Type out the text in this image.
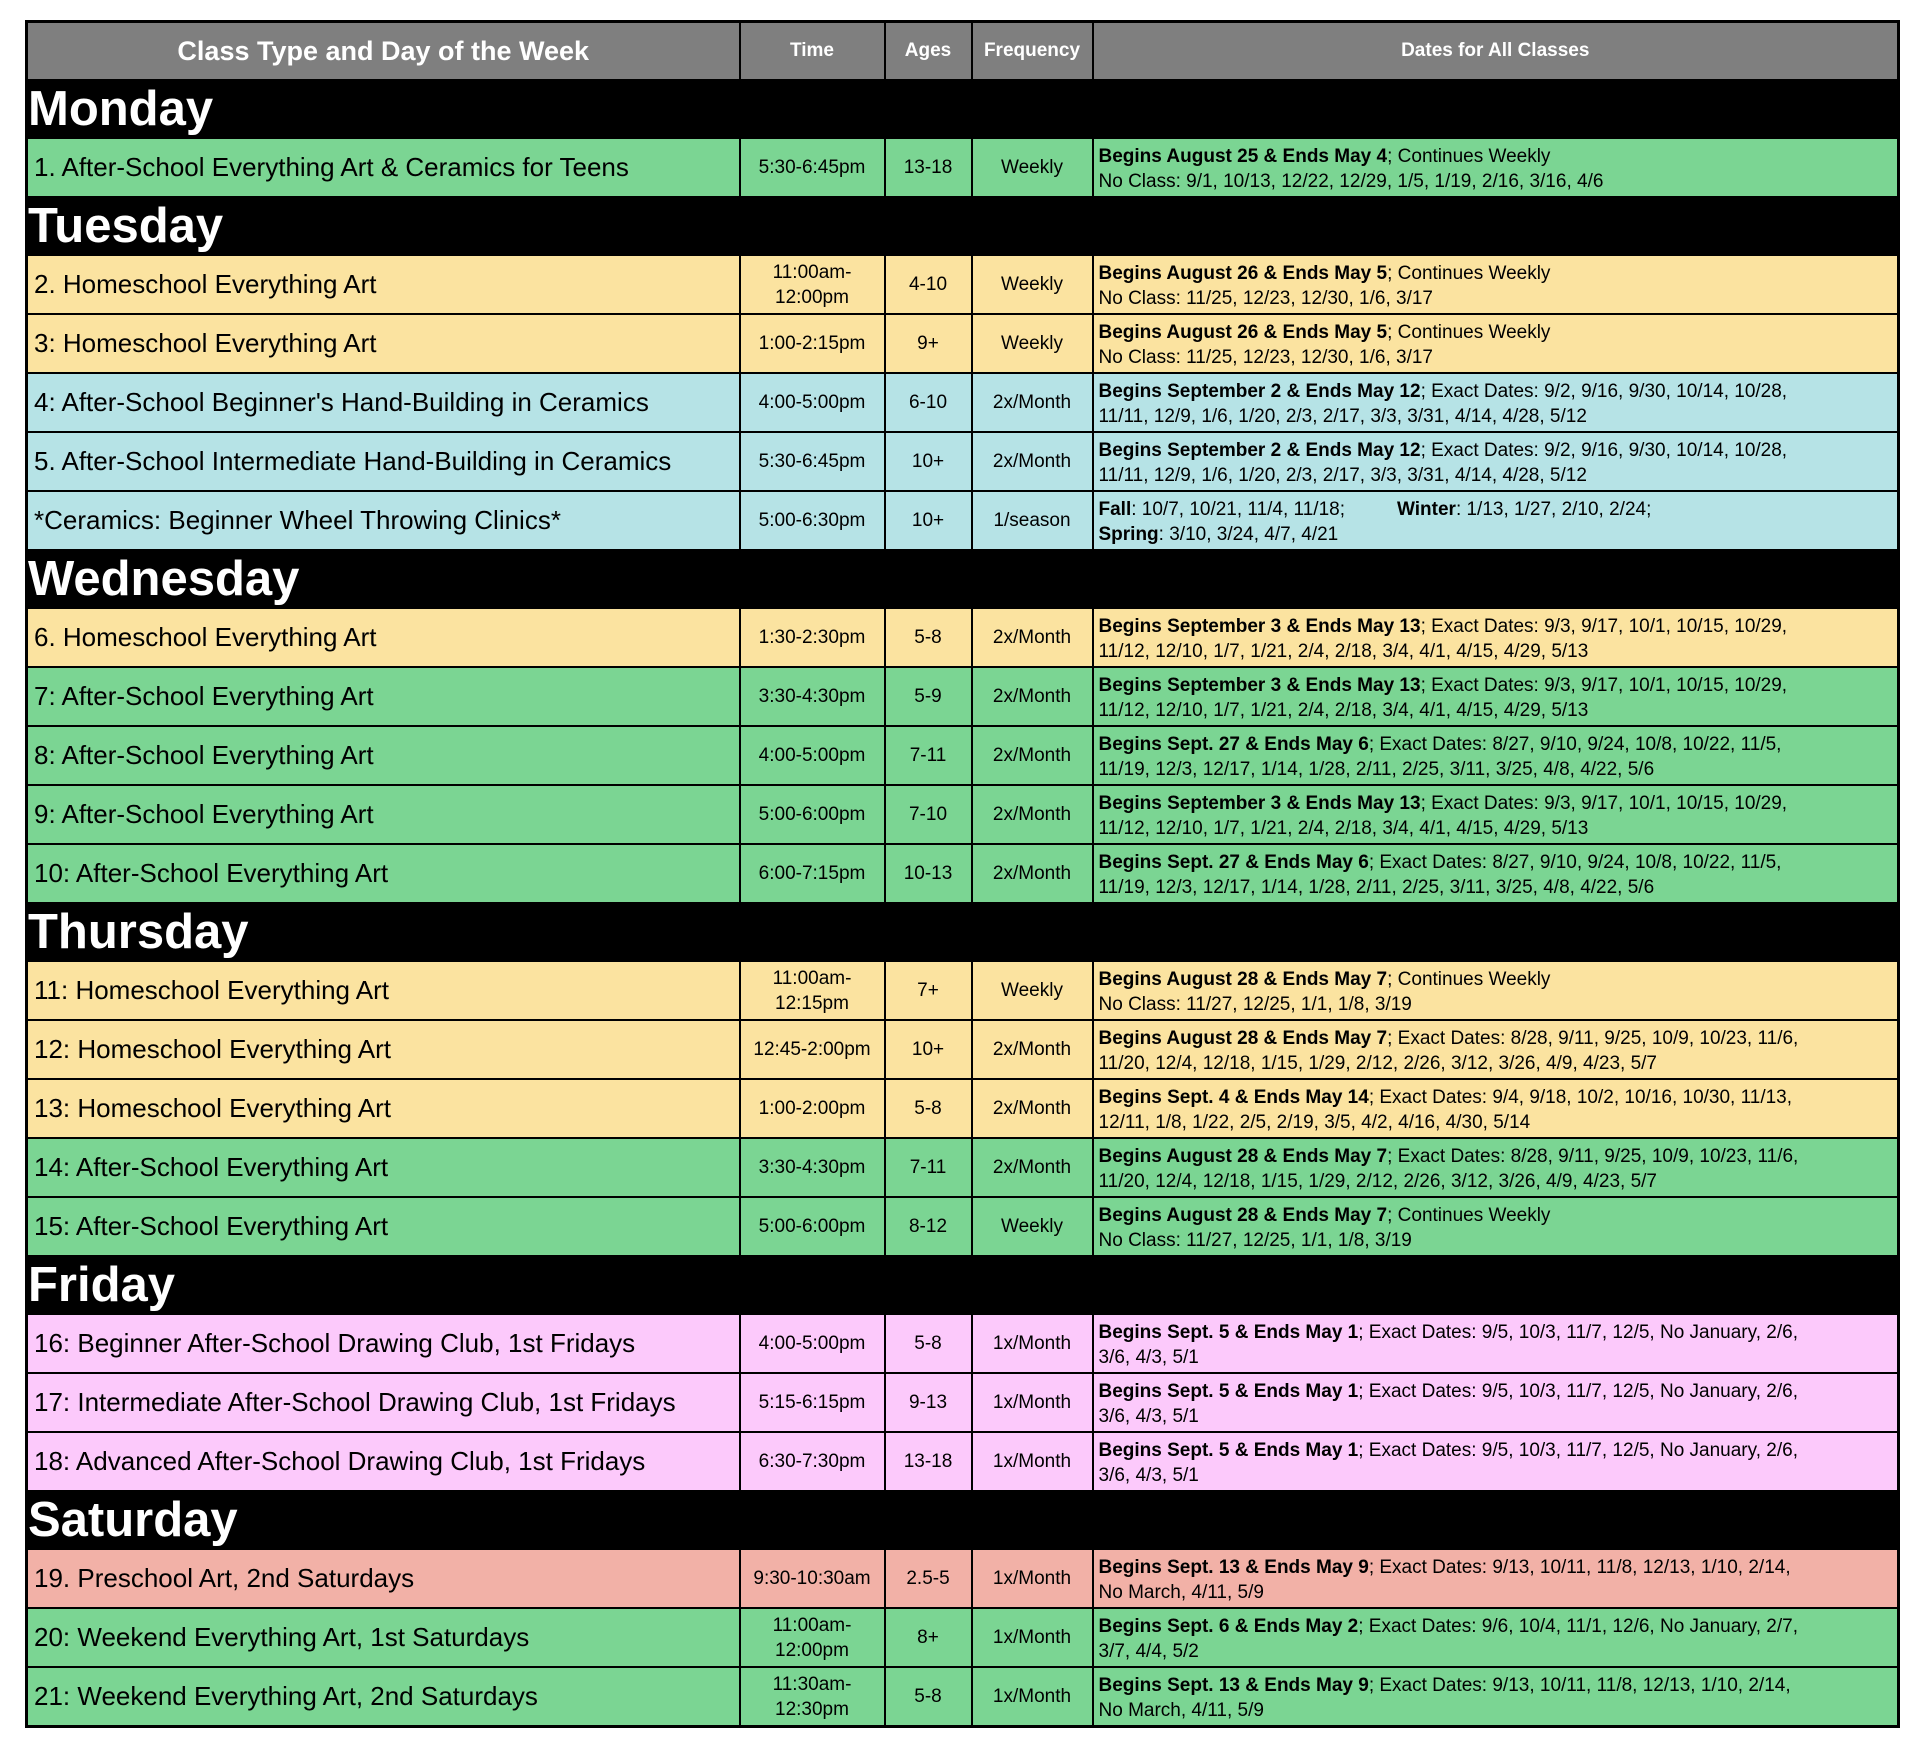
Class Type and Day of the Week	Time	Ages	Frequency	Dates for All Classes
Monday				
1. After-School Everything Art & Ceramics for Teens	5:30-6:45pm	13-18	Weekly	Begins August 25 & Ends May 4; Continues Weekly
No Class: 9/1, 10/13, 12/22, 12/29, 1/5, 1/19, 2/16, 3/16, 4/6
Tuesday				
2. Homeschool Everything Art	11:00am-
12:00pm	4-10	Weekly	Begins August 26 & Ends May 5; Continues Weekly
No Class: 11/25, 12/23, 12/30, 1/6, 3/17
3: Homeschool Everything Art	1:00-2:15pm	9+	Weekly	Begins August 26 & Ends May 5; Continues Weekly
No Class: 11/25, 12/23, 12/30, 1/6, 3/17
4: After-School Beginner's Hand-Building in Ceramics	4:00-5:00pm	6-10	2x/Month	Begins September 2 & Ends May 12; Exact Dates: 9/2, 9/16, 9/30, 10/14, 10/28,
11/11, 12/9, 1/6, 1/20, 2/3, 2/17, 3/3, 3/31, 4/14, 4/28, 5/12
5. After-School Intermediate Hand-Building in Ceramics	5:30-6:45pm	10+	2x/Month	Begins September 2 & Ends May 12; Exact Dates: 9/2, 9/16, 9/30, 10/14, 10/28,
11/11, 12/9, 1/6, 1/20, 2/3, 2/17, 3/3, 3/31, 4/14, 4/28, 5/12
*Ceramics: Beginner Wheel Throwing Clinics*	5:00-6:30pm	10+	1/season	Fall: 10/7, 10/21, 11/4, 11/18; Winter: 1/13, 1/27, 2/10, 2/24;
Spring: 3/10, 3/24, 4/7, 4/21
Wednesday				
6. Homeschool Everything Art	1:30-2:30pm	5-8	2x/Month	Begins September 3 & Ends May 13; Exact Dates: 9/3, 9/17, 10/1, 10/15, 10/29,
11/12, 12/10, 1/7, 1/21, 2/4, 2/18, 3/4, 4/1, 4/15, 4/29, 5/13
7: After-School Everything Art	3:30-4:30pm	5-9	2x/Month	Begins September 3 & Ends May 13; Exact Dates: 9/3, 9/17, 10/1, 10/15, 10/29,
11/12, 12/10, 1/7, 1/21, 2/4, 2/18, 3/4, 4/1, 4/15, 4/29, 5/13
8: After-School Everything Art	4:00-5:00pm	7-11	2x/Month	Begins Sept. 27 & Ends May 6; Exact Dates: 8/27, 9/10, 9/24, 10/8, 10/22, 11/5,
11/19, 12/3, 12/17, 1/14, 1/28, 2/11, 2/25, 3/11, 3/25, 4/8, 4/22, 5/6
9: After-School Everything Art	5:00-6:00pm	7-10	2x/Month	Begins September 3 & Ends May 13; Exact Dates: 9/3, 9/17, 10/1, 10/15, 10/29,
11/12, 12/10, 1/7, 1/21, 2/4, 2/18, 3/4, 4/1, 4/15, 4/29, 5/13
10: After-School Everything Art	6:00-7:15pm	10-13	2x/Month	Begins Sept. 27 & Ends May 6; Exact Dates: 8/27, 9/10, 9/24, 10/8, 10/22, 11/5,
11/19, 12/3, 12/17, 1/14, 1/28, 2/11, 2/25, 3/11, 3/25, 4/8, 4/22, 5/6
Thursday				
11: Homeschool Everything Art	11:00am-
12:15pm	7+	Weekly	Begins August 28 & Ends May 7; Continues Weekly
No Class: 11/27, 12/25, 1/1, 1/8, 3/19
12: Homeschool Everything Art	12:45-2:00pm	10+	2x/Month	Begins August 28 & Ends May 7; Exact Dates: 8/28, 9/11, 9/25, 10/9, 10/23, 11/6,
11/20, 12/4, 12/18, 1/15, 1/29, 2/12, 2/26, 3/12, 3/26, 4/9, 4/23, 5/7
13: Homeschool Everything Art	1:00-2:00pm	5-8	2x/Month	Begins Sept. 4 & Ends May 14; Exact Dates: 9/4, 9/18, 10/2, 10/16, 10/30, 11/13,
12/11, 1/8, 1/22, 2/5, 2/19, 3/5, 4/2, 4/16, 4/30, 5/14
14: After-School Everything Art	3:30-4:30pm	7-11	2x/Month	Begins August 28 & Ends May 7; Exact Dates: 8/28, 9/11, 9/25, 10/9, 10/23, 11/6,
11/20, 12/4, 12/18, 1/15, 1/29, 2/12, 2/26, 3/12, 3/26, 4/9, 4/23, 5/7
15: After-School Everything Art	5:00-6:00pm	8-12	Weekly	Begins August 28 & Ends May 7; Continues Weekly
No Class: 11/27, 12/25, 1/1, 1/8, 3/19
Friday				
16: Beginner After-School Drawing Club, 1st Fridays	4:00-5:00pm	5-8	1x/Month	Begins Sept. 5 & Ends May 1; Exact Dates: 9/5, 10/3, 11/7, 12/5, No January, 2/6,
3/6, 4/3, 5/1
17: Intermediate After-School Drawing Club, 1st Fridays	5:15-6:15pm	9-13	1x/Month	Begins Sept. 5 & Ends May 1; Exact Dates: 9/5, 10/3, 11/7, 12/5, No January, 2/6,
3/6, 4/3, 5/1
18: Advanced After-School Drawing Club, 1st Fridays	6:30-7:30pm	13-18	1x/Month	Begins Sept. 5 & Ends May 1; Exact Dates: 9/5, 10/3, 11/7, 12/5, No January, 2/6,
3/6, 4/3, 5/1
Saturday				
19. Preschool Art, 2nd Saturdays	9:30-10:30am	2.5-5	1x/Month	Begins Sept. 13 & Ends May 9; Exact Dates: 9/13, 10/11, 11/8, 12/13, 1/10, 2/14,
No March, 4/11, 5/9
20: Weekend Everything Art, 1st Saturdays	11:00am-
12:00pm	8+	1x/Month	Begins Sept. 6 & Ends May 2; Exact Dates: 9/6, 10/4, 11/1, 12/6, No January, 2/7,
3/7, 4/4, 5/2
21: Weekend Everything Art, 2nd Saturdays	11:30am-
12:30pm	5-8	1x/Month	Begins Sept. 13 & Ends May 9; Exact Dates: 9/13, 10/11, 11/8, 12/13, 1/10, 2/14,
No March, 4/11, 5/9
